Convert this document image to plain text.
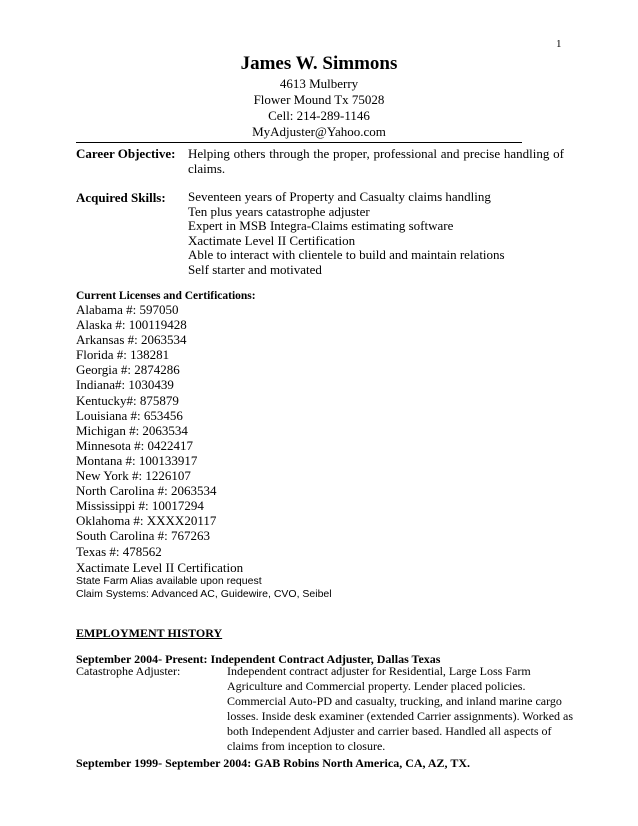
1
James W. Simmons
4613 Mulberry
Flower Mound Tx 75028
Cell: 214-289-1146
MyAdjuster@Yahoo.com
Career Objective: Helping others through the proper, professional and precise handling of claims.
Acquired Skills: Seventeen years of Property and Casualty claims handling
Ten plus years catastrophe adjuster
Expert in MSB Integra-Claims estimating software
Xactimate Level II Certification
Able to interact with clientele to build and maintain relations
Self starter and motivated
Current Licenses and Certifications:
Alabama #: 597050
Alaska #: 100119428
Arkansas #: 2063534
Florida #: 138281
Georgia #: 2874286
Indiana#: 1030439
Kentucky#: 875879
Louisiana #: 653456
Michigan #: 2063534
Minnesota #: 0422417
Montana #: 100133917
New York #: 1226107
North Carolina #: 2063534
Mississippi #: 10017294
Oklahoma #: XXXX20117
South Carolina #: 767263
Texas #: 478562
Xactimate Level II Certification
State Farm Alias available upon request
Claim Systems: Advanced AC, Guidewire, CVO, Seibel
EMPLOYMENT HISTORY
September 2004- Present: Independent Contract Adjuster, Dallas Texas
Catastrophe Adjuster:	Independent contract adjuster for Residential, Large Loss Farm
Agriculture and Commercial property. Lender placed policies.
Commercial Auto-PD and casualty, trucking, and inland marine cargo
losses. Inside desk examiner (extended Carrier assignments). Worked as
both Independent Adjuster and carrier based. Handled all aspects of
claims from inception to closure.
September 1999- September 2004: GAB Robins North America, CA, AZ, TX.
